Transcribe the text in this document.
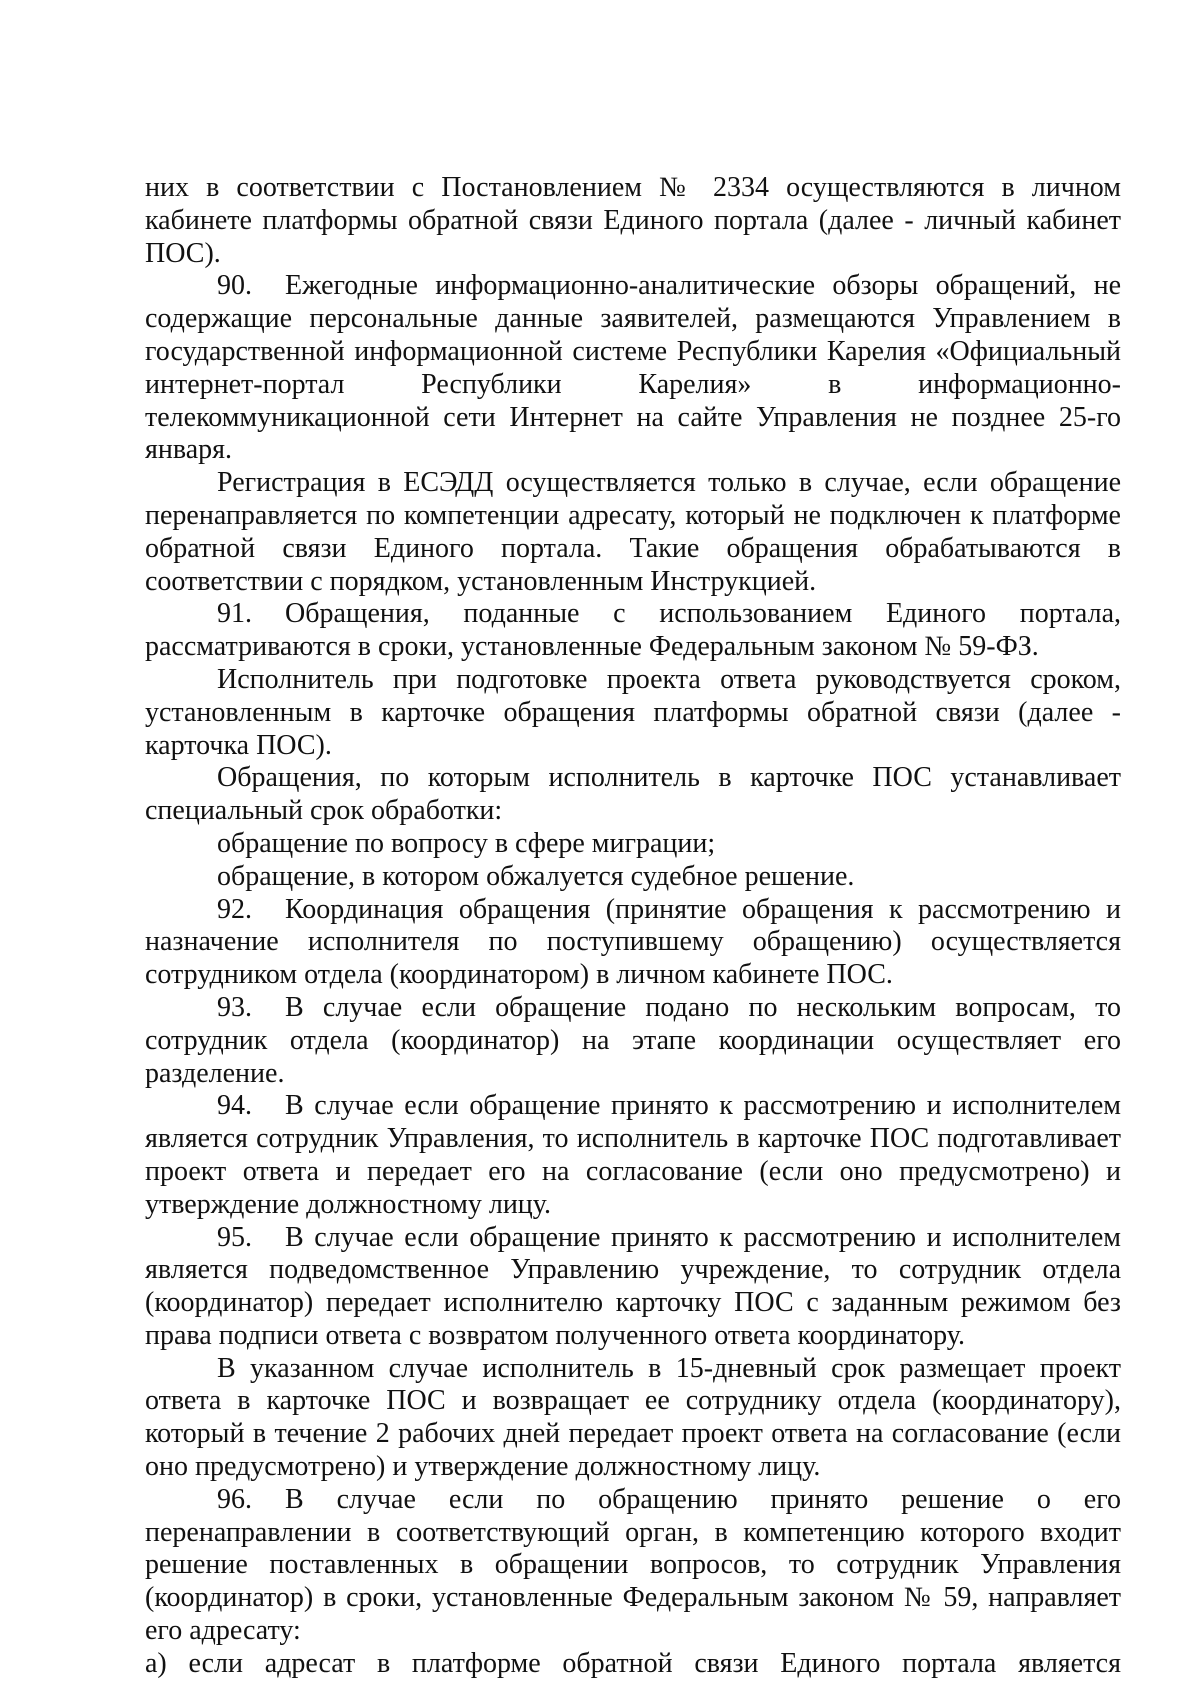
них в соответствии с Постановлением № 2334 осуществляются в личном кабинете платформы обратной связи Единого портала (далее - личный кабинет ПОС).

90. Ежегодные информационно-аналитические обзоры обращений, не содержащие персональные данные заявителей, размещаются Управлением в государственной информационной системе Республики Карелия «Официальный интернет-портал Республики Карелия» в информационно-телекоммуникационной сети Интернет на сайте Управления не позднее 25-го января.

Регистрация в ЕСЭДД осуществляется только в случае, если обращение перенаправляется по компетенции адресату, который не подключен к платформе обратной связи Единого портала. Такие обращения обрабатываются в соответствии с порядком, установленным Инструкцией.

91. Обращения, поданные с использованием Единого портала, рассматриваются в сроки, установленные Федеральным законом № 59-ФЗ.

Исполнитель при подготовке проекта ответа руководствуется сроком, установленным в карточке обращения платформы обратной связи (далее - карточка ПОС).

Обращения, по которым исполнитель в карточке ПОС устанавливает специальный срок обработки:

обращение по вопросу в сфере миграции;

обращение, в котором обжалуется судебное решение.

92. Координация обращения (принятие обращения к рассмотрению и назначение исполнителя по поступившему обращению) осуществляется сотрудником отдела (координатором) в личном кабинете ПОС.

93. В случае если обращение подано по нескольким вопросам, то сотрудник отдела (координатор) на этапе координации осуществляет его разделение.

94. В случае если обращение принято к рассмотрению и исполнителем является сотрудник Управления, то исполнитель в карточке ПОС подготавливает проект ответа и передает его на согласование (если оно предусмотрено) и утверждение должностному лицу.

95. В случае если обращение принято к рассмотрению и исполнителем является подведомственное Управлению учреждение, то сотрудник отдела (координатор) передает исполнителю карточку ПОС с заданным режимом без права подписи ответа с возвратом полученного ответа координатору.

В указанном случае исполнитель в 15-дневный срок размещает проект ответа в карточке ПОС и возвращает ее сотруднику отдела (координатору), который в течение 2 рабочих дней передает проект ответа на согласование (если оно предусмотрено) и утверждение должностному лицу.

96. В случае если по обращению принято решение о его перенаправлении в соответствующий орган, в компетенцию которого входит решение поставленных в обращении вопросов, то сотрудник Управления (координатор) в сроки, установленные Федеральным законом № 59, направляет его адресату:

а) если адресат в платформе обратной связи Единого портала является
